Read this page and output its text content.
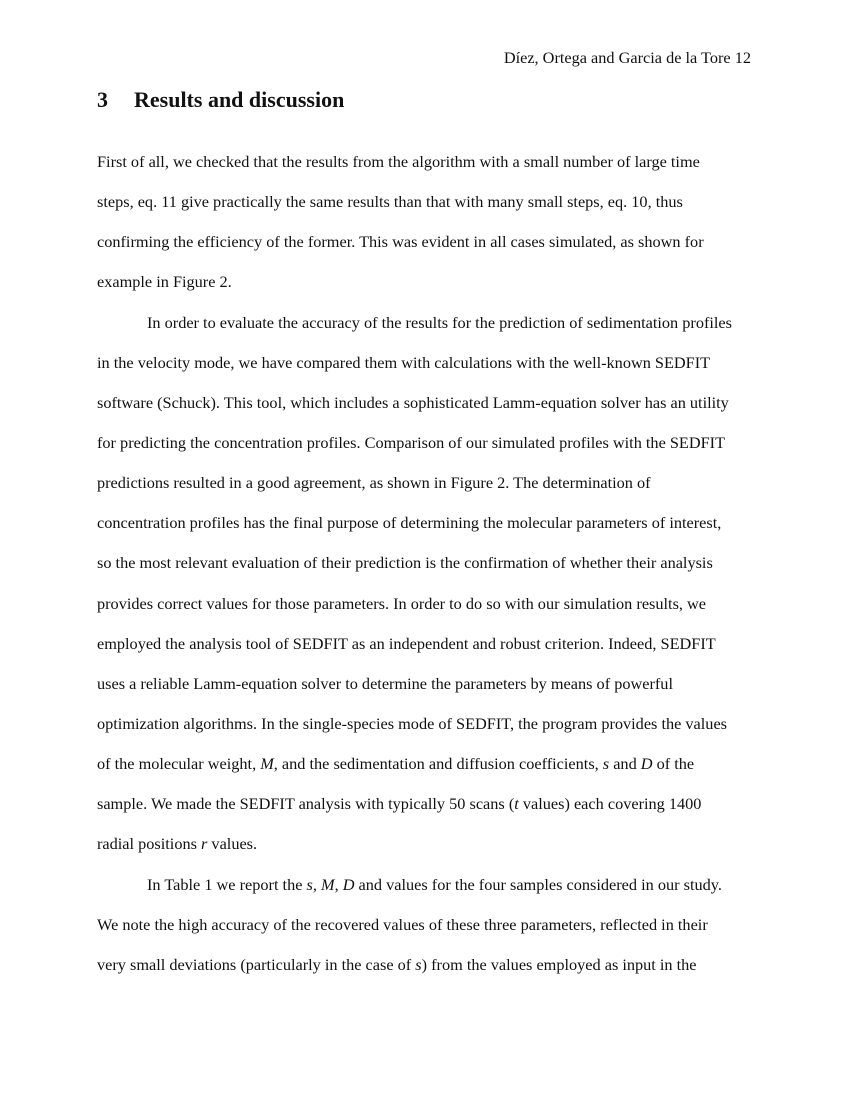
Díez, Ortega and Garcia de la Tore 12
3 Results and discussion
First of all, we checked that the results from the algorithm with a small number of large time
steps, eq. 11 give practically the same results than that with many small steps, eq. 10, thus
confirming the efficiency of the former. This was evident in all cases simulated, as shown for
example in Figure 2.
In order to evaluate the accuracy of the results for the prediction of sedimentation profiles
in the velocity mode, we have compared them with calculations with the well-known SEDFIT
software (Schuck). This tool, which includes a sophisticated Lamm-equation solver has an utility
for predicting the concentration profiles. Comparison of our simulated profiles with the SEDFIT
predictions resulted in a good agreement, as shown in Figure 2. The determination of
concentration profiles has the final purpose of determining the molecular parameters of interest,
so the most relevant evaluation of their prediction is the confirmation of whether their analysis
provides correct values for those parameters. In order to do so with our simulation results, we
employed the analysis tool of SEDFIT as an independent and robust criterion. Indeed, SEDFIT
uses a reliable Lamm-equation solver to determine the parameters by means of powerful
optimization algorithms. In the single-species mode of SEDFIT, the program provides the values
of the molecular weight, M, and the sedimentation and diffusion coefficients, s and D of the
sample. We made the SEDFIT analysis with typically 50 scans (t values) each covering 1400
radial positions r values.
In Table 1 we report the s, M, D and values for the four samples considered in our study.
We note the high accuracy of the recovered values of these three parameters, reflected in their
very small deviations (particularly in the case of s) from the values employed as input in the
